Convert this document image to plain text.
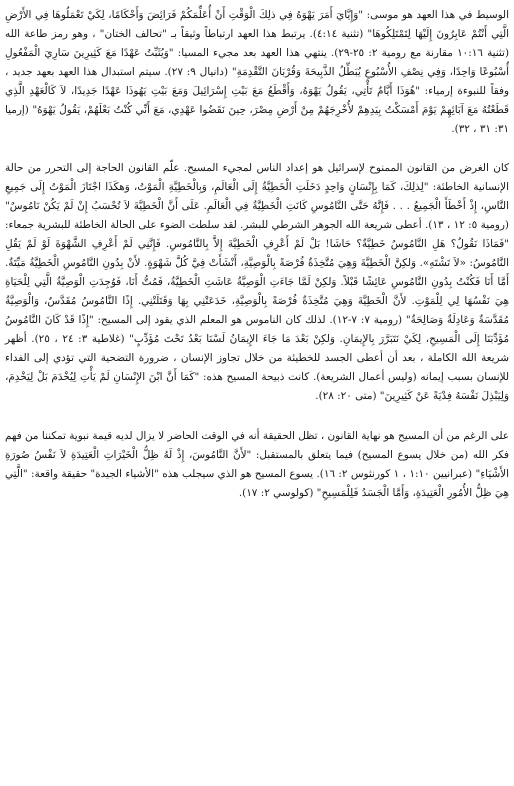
الوسيط في هذا العهد هو موسى: "وَإِيَّايَ أَمَرَ يَهْوَهُ فِي ذلِكَ الْوَقْتِ أَنْ أُعَلِّمَكُمْ فَرَائِضَ وَأَحْكَامًا، لِكَيْ تَعْمَلُوهَا فِي الأَرْضِ الَّتِي أَنْتُمْ عَابِرُونَ إِلَيْهَا لِتَمْتَلِكُوهَا" (تثنية ٤:١٤). يرتبط هذا العهد ارتباطاً وثيقاً بـ "تحالف الختان" ، وهو رمز طاعة الله (تثنية ١٠:١٦ مقارنة مع رومية ٢: ٢٥-٢٩). ينتهي هذا العهد بعد مجيء المسيا: "وَيُثَبِّتُ عَهْدًا مَعَ كَثِيرِينَ سَارِيَ الْمَفْعُولِ أُسْبُوعًا وَاحِدًا، وَفِي نِصْفِ الأُسْبُوعِ يُبَطِّلُ الذَّبِيحَةَ وَقُرْبَانَ التَّقْدِمَةِ" (دانيال ٩: ٢٧). سيتم استبدال هذا العهد بعهد جديد ، وفقاً للنبوءة إرمياء: "هُوَذَا أَيَّامٌ تَأْتِي، يَقُولُ يَهْوَهُ، وَأَقْطَعُ مَعَ بَيْتِ إِسْرَائِيلَ وَمَعَ بَيْتِ يَهُوذَا عَهْدًا جَدِيدًا، لاَ كَالْعَهْدِ الَّذِي قَطَعْتُهُ مَعَ آبَائِهِمْ يَوْمَ أَمْسَكْتُ بِيَدِهِمْ لأُخْرِجَهُمْ مِنْ أَرْضِ مِصْرَ، حِينَ نَقَضُوا عَهْدِي، مَعَ أَنِّي كُنْتُ بَعْلَهُمْ، يَقُولُ يَهْوَهُ" (إرميا ٣١: ٣١ ، ٣٢).

كان الغرض من القانون الممنوح لإسرائيل هو إعداد الناس لمجيء المسيح. علّم القانون الحاجة إلى التحرر من حالة الإنسانية الخاطئة: "لِذلِكَ، كَمَا بِإِنْسَانٍ وَاحِدٍ دَخَلَتِ الْخَطِيَّةُ إِلَى الْعَالَمِ، وَبِالْخَطِيَّةِ الْمَوْتُ، وَهكَذَا اجْتَازَ الْمَوْتُ إِلَى جَمِيعِ النَّاسِ، إِذْ أَخْطَأَ الْجَمِيعُ . . . فَإِنَّهُ حَتَّى النَّامُوسِ كَانَتِ الْخَطِيَّةُ فِي الْعَالَمِ. عَلَى أَنَّ الْخَطِيَّةَ لاَ تُحْسَبُ إِنْ لَمْ يَكُنْ نَامُوسٌ" (رومية ٥: ١٢ ، ١٣). أعطى شريعة الله الجوهر الشرطي للبشر. لقد سلطت الضوء على الحالة الخاطئة للبشرية جمعاء: "فَمَاذَا نَقُولُ؟ هَلِ النَّامُوسُ خَطِيَّةٌ؟ حَاشَا! بَلْ لَمْ أَعْرِفِ الْخَطِيَّةَ إِلاَّ بِالنَّامُوسِ. فَإِنَّنِي لَمْ أَعْرِفِ الشَّهْوَةَ لَوْ لَمْ يَقُلِ النَّامُوسُ: «لاَ تَشْتَهِ». وَلكِنَّ الْخَطِيَّةَ وَهِيَ مُتَّخِذَةٌ فُرْصَةً بِالْوَصِيَّةِ، أَنْشَأَتْ فِيَّ كُلَّ شَهْوَةٍ. لأَنْ بِدُونِ النَّامُوسِ الْخَطِيَّةُ مَيِّتَةٌ. أَمَّا أَنَا فَكُنْتُ بِدُونِ النَّامُوسِ عَائِشًا قَبْلاً. وَلكِنْ لَمَّا جَاءَتِ الْوَصِيَّةُ عَاشَتِ الْخَطِيَّةُ، فَمُتُّ أَنَا، فَوُجِدَتِ الْوَصِيَّةُ الَّتِي لِلْحَيَاةِ هِيَ نَفْسُهَا لِي لِلْمَوْتِ. لأَنَّ الْخَطِيَّةَ وَهِيَ مُتَّخِذَةٌ فُرْصَةً بِالْوَصِيَّةِ، خَدَعَتْنِي بِهَا وَقَتَلَتْنِي. إِذًا النَّامُوسُ مُقَدَّسٌ، وَالْوَصِيَّةُ مُقَدَّسَةٌ وَعَادِلَةٌ وَصَالِحَةٌ" (رومية ٧: ٧-١٢). لذلك كان الناموس هو المعلم الذي يقود إلى المسيح: "إِذًا قَدْ كَانَ النَّامُوسُ مُؤَدِّبَنَا إِلَى الْمَسِيحِ، لِكَيْ نَتَبَرَّرَ بِالإِيمَانِ. وَلكِنْ بَعْدَ مَا جَاءَ الإِيمَانُ لَسْنَا بَعْدُ تَحْتَ مُؤَدِّبٍ" (غلاطية ٣: ٢٤ ، ٢٥). أظهر شريعة الله الكاملة ، بعد أن أعطى الجسد للخطيئة من خلال تجاوز الإنسان ، ضرورة التضحية التي تؤدي إلى الفداء للإنسان بسبب إيمانه (وليس أعمال الشريعة). كانت ذبيحة المسيح هذه: "كَمَا أَنَّ ابْنَ الإِنْسَانِ لَمْ يَأْتِ لِيُخْدَمَ بَلْ لِيَخْدِمَ، وَلِيَبْذِلَ نَفْسَهُ فِدْيَةً عَنْ كَثِيرِينَ" (متى ٢٠: ٢٨).

على الرغم من أن المسيح هو نهاية القانون ، تظل الحقيقة أنه في الوقت الحاضر لا يزال لديه قيمة نبوية تمكننا من فهم فكر الله (من خلال يسوع المسيح) فيما يتعلق بالمستقبل: "لأَنَّ النَّامُوسَ، إِذْ لَهُ ظِلُّ الْخَيْرَاتِ الْعَتِيدَةِ لاَ نَفْسُ صُورَةِ الأَشْيَاءِ" (عبرانيين ١:١٠ ، ١ كورنثوس ٢: ١٦). يسوع المسيح هو الذي سيجلب هذه "الأشياء الجيدة" حقيقة واقعة: "الَّتِي هِيَ ظِلُّ الأُمُورِ الْعَتِيدَةِ، وَأَمَّا الْجَسَدُ فَلِلْمَسِيحِ" (كولوسي ٢: ١٧).
